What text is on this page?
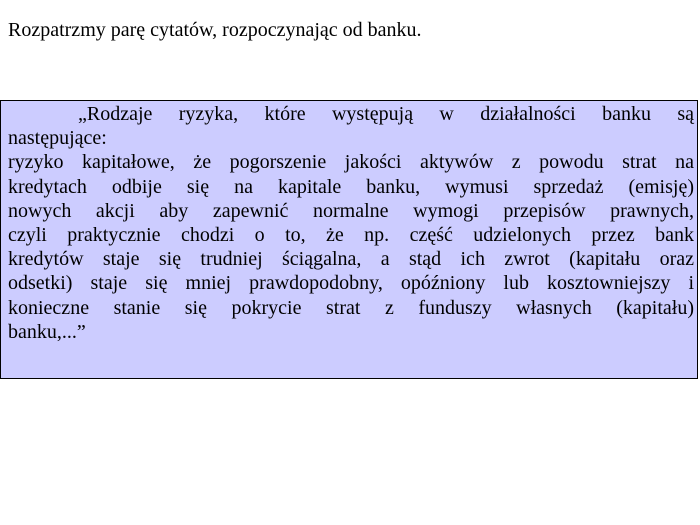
Rozpatrzmy parę cytatów, rozpoczynając od banku.
„Rodzaje ryzyka, które występują w działalności banku są
następujące:
ryzyko kapitałowe, że pogorszenie jakości aktywów z powodu strat na
kredytach odbije się na kapitale banku, wymusi sprzedaż (emisję)
nowych akcji aby zapewnić normalne wymogi przepisów prawnych,
czyli praktycznie chodzi o to, że np. część udzielonych przez bank
kredytów staje się trudniej ściągalna, a stąd ich zwrot (kapitału oraz
odsetki) staje się mniej prawdopodobny, opóźniony lub kosztowniejszy i
konieczne stanie się pokrycie strat z funduszy własnych (kapitału)
banku,...”
